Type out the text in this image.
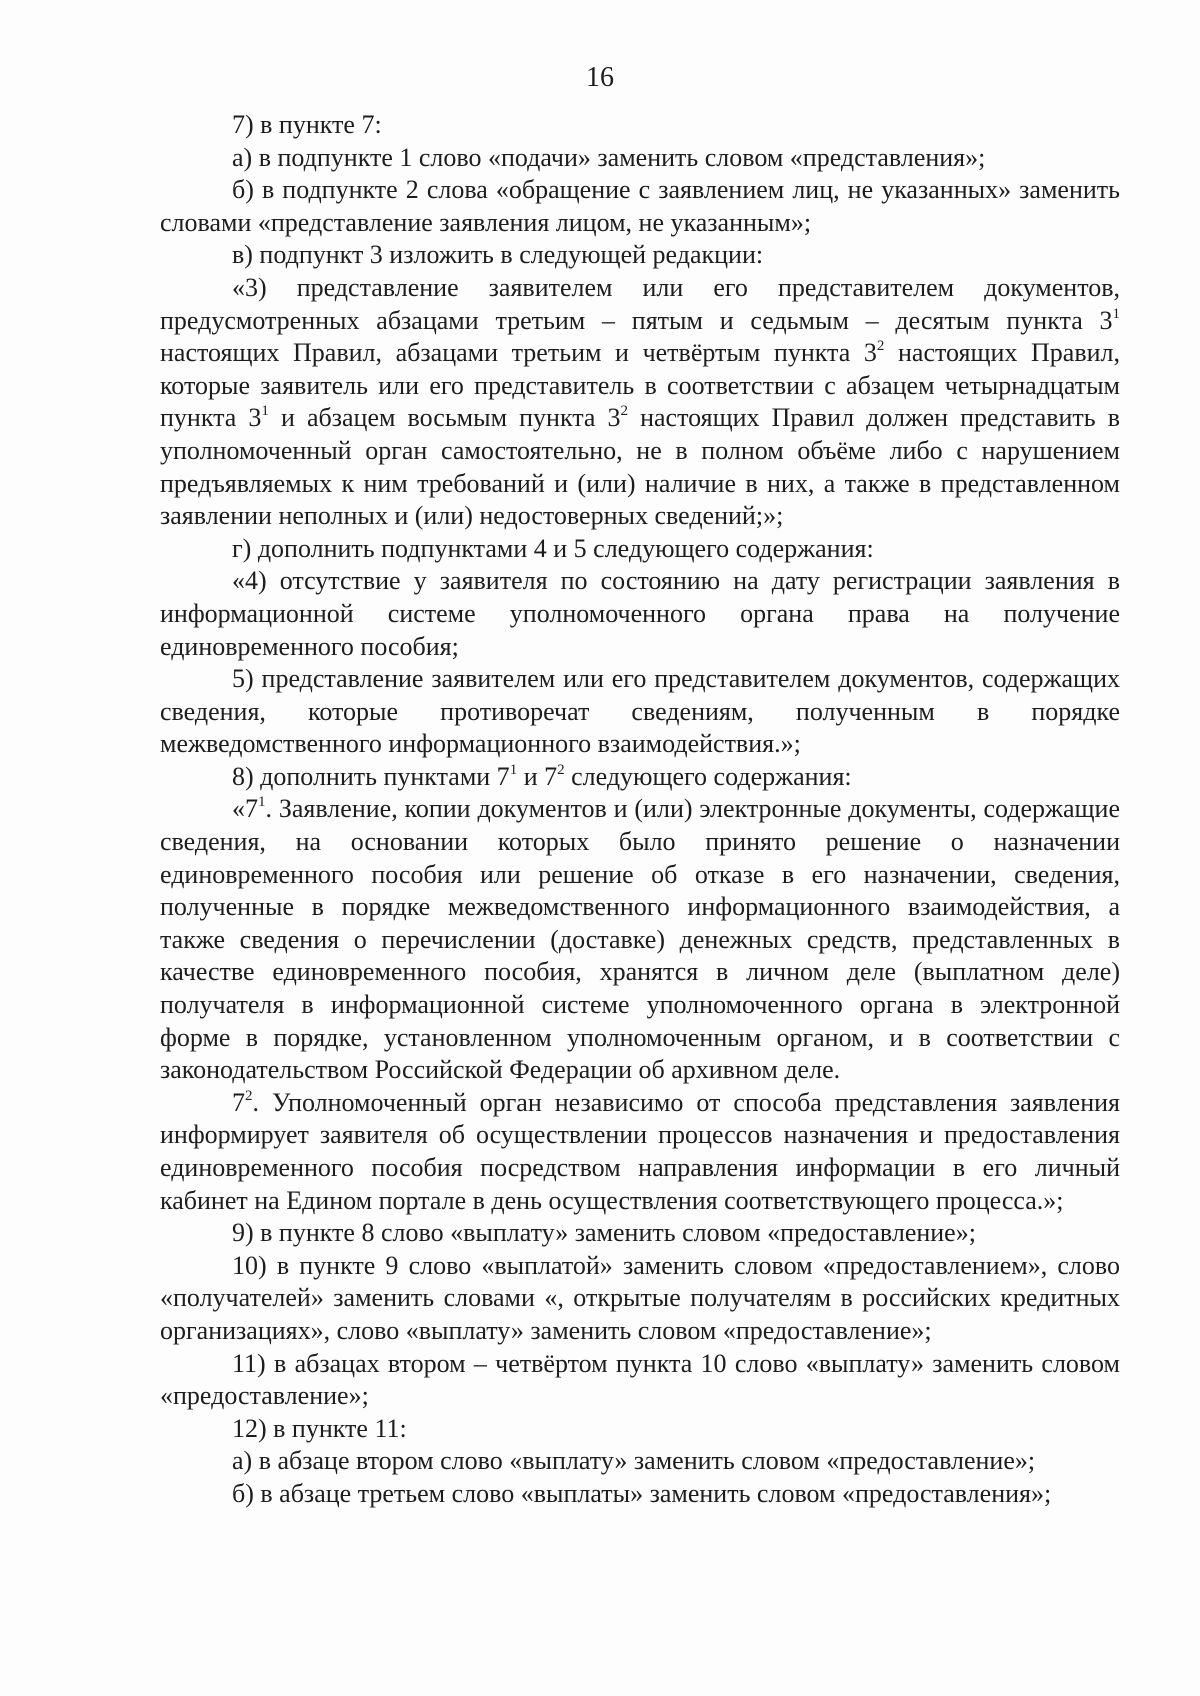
16

7) в пункте 7:

а) в подпункте 1 слово «подачи» заменить словом «представления»;

б) в подпункте 2 слова «обращение с заявлением лиц, не указанных» заменить словами «представление заявления лицом, не указанным»;

в) подпункт 3 изложить в следующей редакции:

«3) представление заявителем или его представителем документов, предусмотренных абзацами третьим – пятым и седьмым – десятым пункта $3^1$ настоящих Правил, абзацами третьим и четвёртым пункта $3^2$ настоящих Правил, которые заявитель или его представитель в соответствии с абзацем четырнадцатым пункта $3^1$ и абзацем восьмым пункта $3^2$ настоящих Правил должен представить в уполномоченный орган самостоятельно, не в полном объёме либо с нарушением предъявляемых к ним требований и (или) наличие в них, а также в представленном заявлении неполных и (или) недостоверных сведений;»;

г) дополнить подпунктами 4 и 5 следующего содержания:

«4) отсутствие у заявителя по состоянию на дату регистрации заявления в информационной системе уполномоченного органа права на получение единовременного пособия;

5) представление заявителем или его представителем документов, содержащих сведения, которые противоречат сведениям, полученным в порядке межведомственного информационного взаимодействия.»;

8) дополнить пунктами $7^1$ и $7^2$ следующего содержания:

«$7^1$. Заявление, копии документов и (или) электронные документы, содержащие сведения, на основании которых было принято решение о назначении единовременного пособия или решение об отказе в его назначении, сведения, полученные в порядке межведомственного информационного взаимодействия, а также сведения о перечислении (доставке) денежных средств, представленных в качестве единовременного пособия, хранятся в личном деле (выплатном деле) получателя в информационной системе уполномоченного органа в электронной форме в порядке, установленном уполномоченным органом, и в соответствии с законодательством Российской Федерации об архивном деле.

$7^2$. Уполномоченный орган независимо от способа представления заявления информирует заявителя об осуществлении процессов назначения и предоставления единовременного пособия посредством направления информации в его личный кабинет на Едином портале в день осуществления соответствующего процесса.»;

9) в пункте 8 слово «выплату» заменить словом «предоставление»;

10) в пункте 9 слово «выплатой» заменить словом «предоставлением», слово «получателей» заменить словами «, открытые получателям в российских кредитных организациях», слово «выплату» заменить словом «предоставление»;

11) в абзацах втором – четвёртом пункта 10 слово «выплату» заменить словом «предоставление»;

12) в пункте 11:

а) в абзаце втором слово «выплату» заменить словом «предоставление»;

б) в абзаце третьем слово «выплаты» заменить словом «предоставления»;
